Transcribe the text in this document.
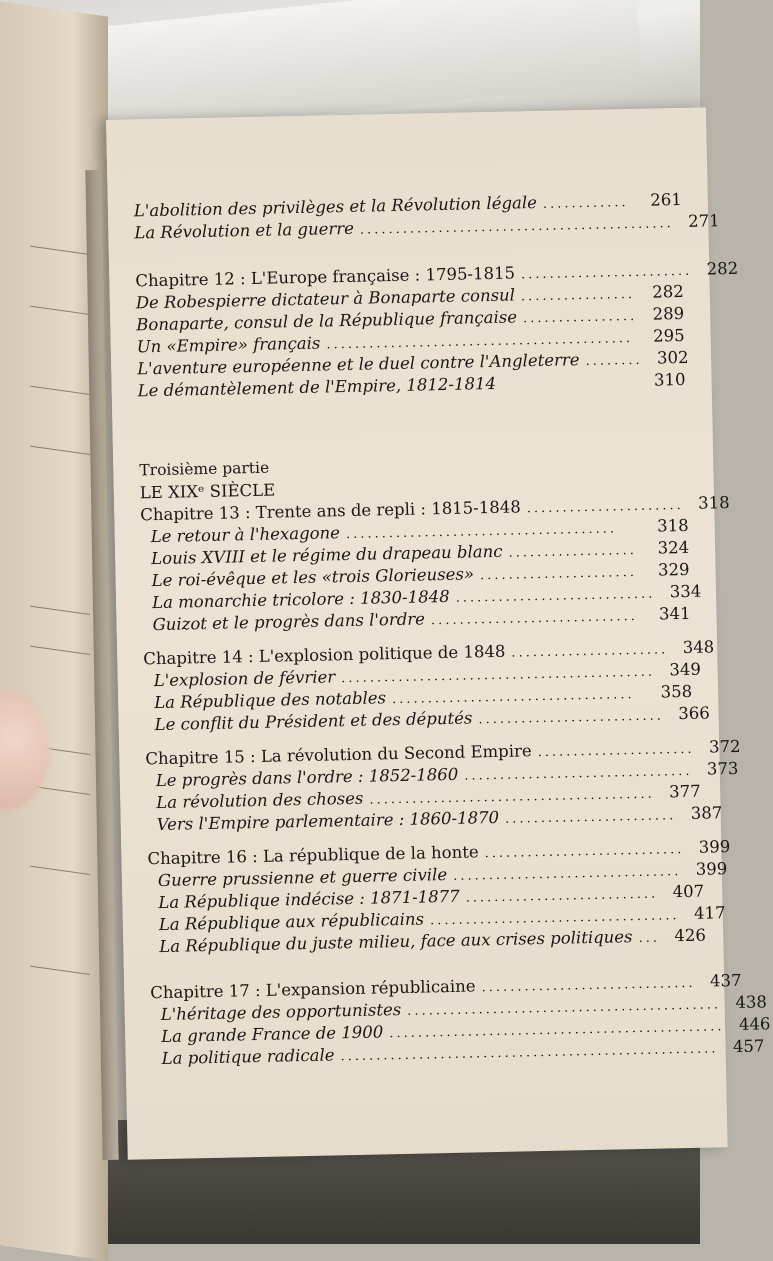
L'abolition des privilèges et la Révolution légale ............	261
La Révolution et la guerre ............................................ 271
Chapitre 12 : L'Europe française : 1795-1815 ........................ 282
De Robespierre dictateur à Bonaparte consul ................	282
Bonaparte, consul de la République française ................ 289
Un «Empire» français ...........................................	295
L'aventure européenne et le duel contre l'Angleterre ........ 302
Le démantèlement de l'Empire, 1812-1814	310
Troisième partie
LE XIXᵉ SIÈCLE
Chapitre 13 : Trente ans de repli : 1815-1848 ...................... 318
Le retour à l'hexagone ......................................	318
Louis XVIII et le régime du drapeau blanc ..................	324
Le roi-évêque et les «trois Glorieuses» ......................	329
La monarchie tricolore : 1830-1848 ............................ 334
Guizot et le progrès dans l'ordre .............................	341
Chapitre 14 : L'explosion politique de 1848 ...................... 348
L'explosion de février ............................................ 349
La République des notables ..................................	358
Le conflit du Président et des députés .......................... 366
Chapitre 15 : La révolution du Second Empire ...................... 372
Le progrès dans l'ordre : 1852-1860 ................................ 373
La révolution des choses ........................................ 377
Vers l'Empire parlementaire : 1860-1870 ........................ 387
Chapitre 16 : La république de la honte ............................ 399
Guerre prussienne et guerre civile ................................ 399
La République indécise : 1871-1877 ........................... 407
La République aux républicains ................................... 417
La République du juste milieu, face aux crises politiques ... 426
Chapitre 17 : L'expansion républicaine .............................. 437
L'héritage des opportunistes ............................................ 438
La grande France de 1900 ............................................... 446
La politique radicale ..................................................... 457
